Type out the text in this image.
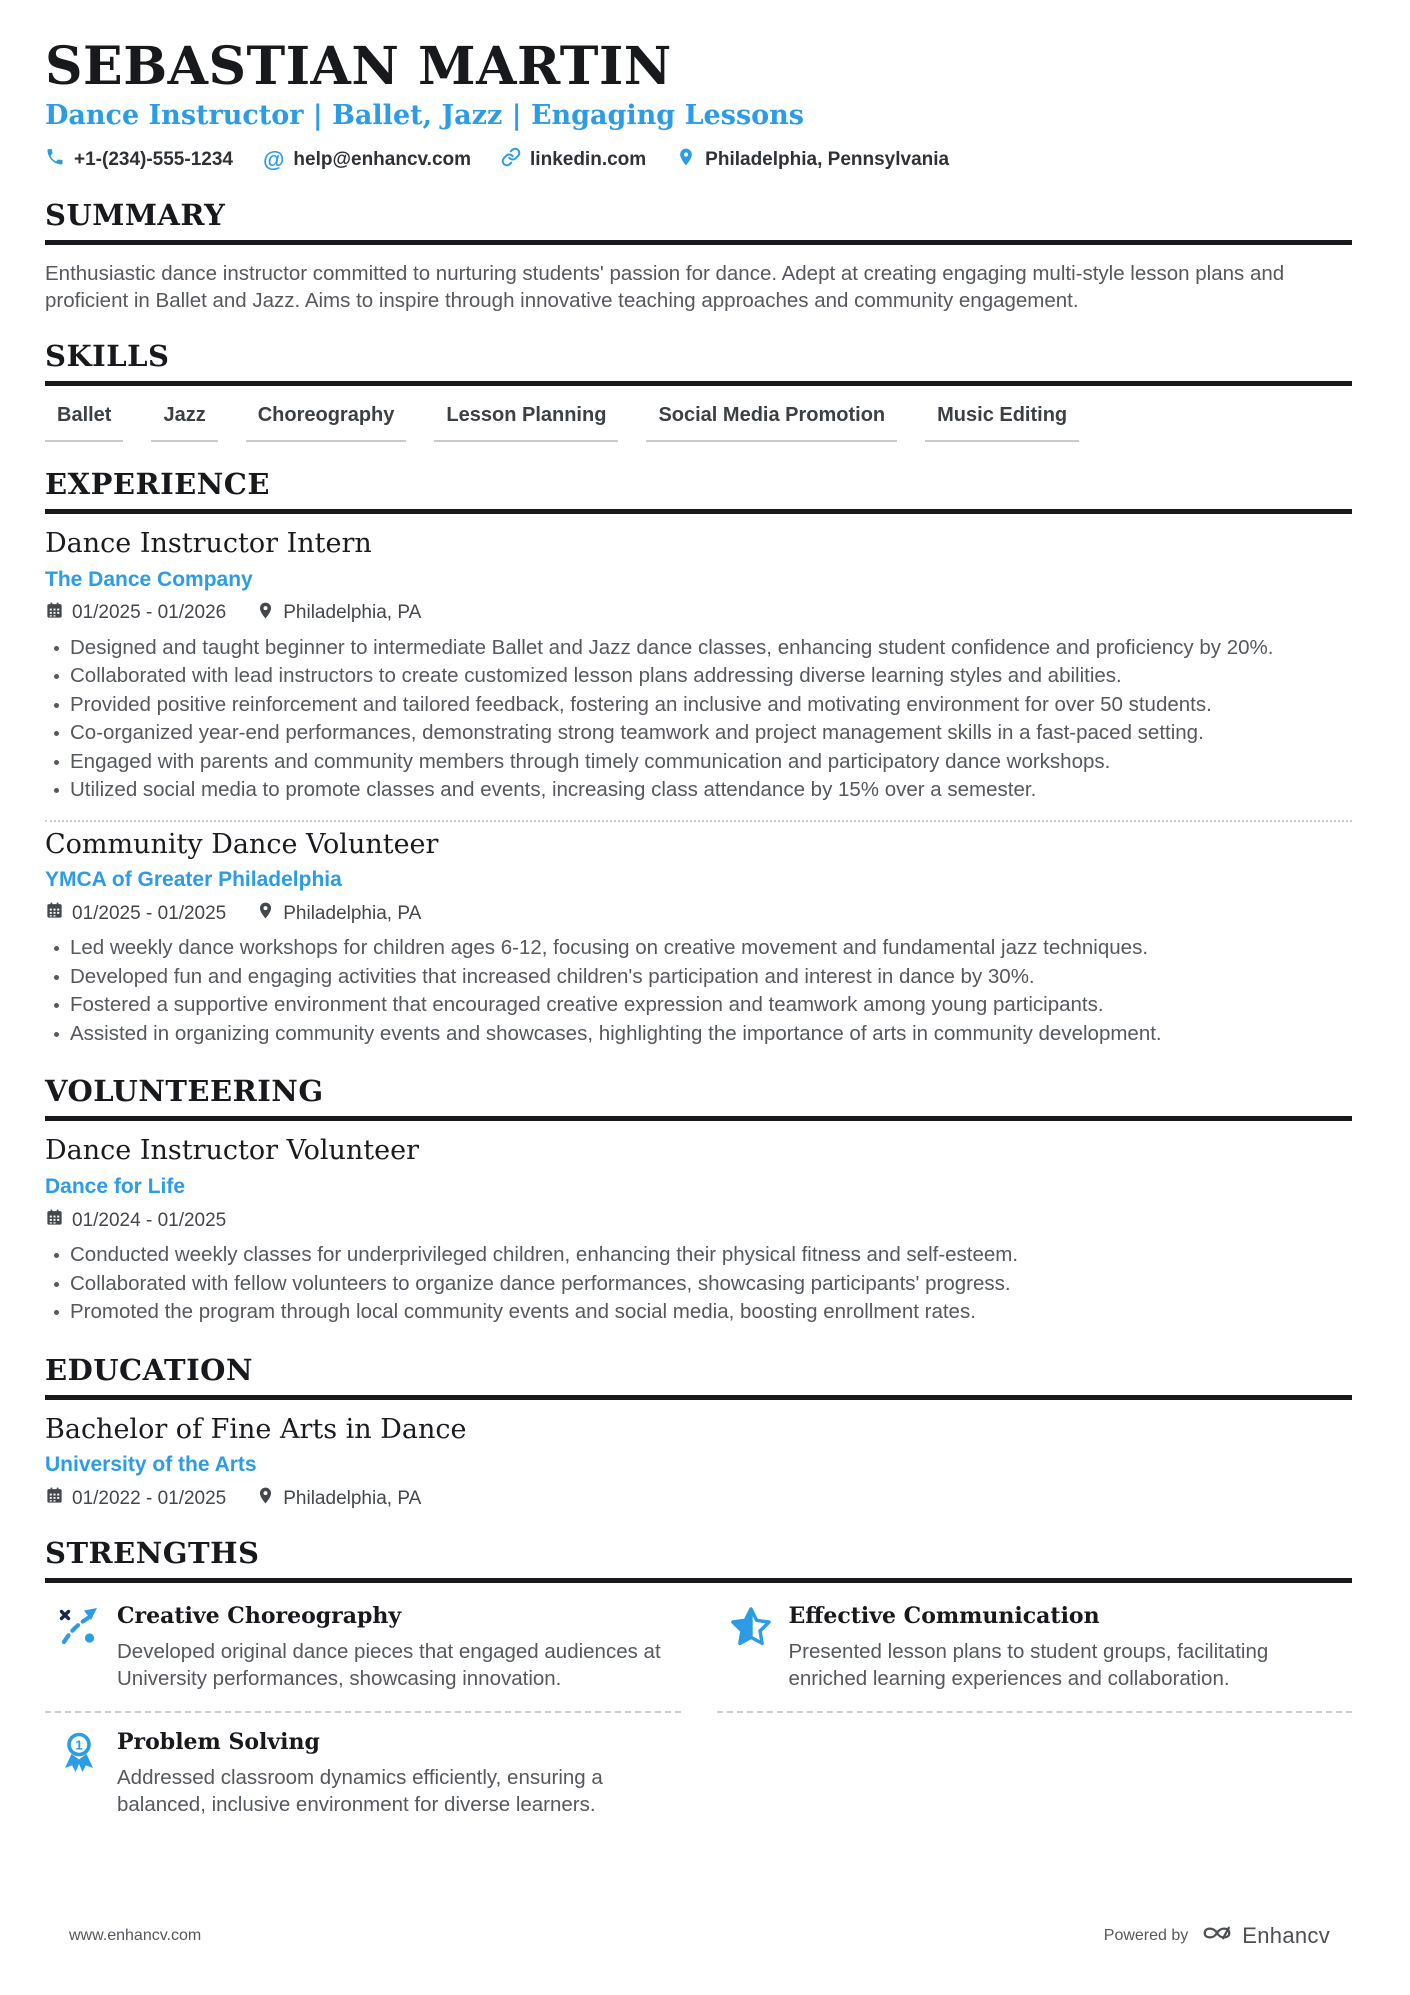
SEBASTIAN MARTIN
Dance Instructor | Ballet, Jazz | Engaging Lessons
+1-(234)-555-1234 @ help@enhancv.com	linkedin.com	Philadelphia, Pennsylvania
SUMMARY

Enthusiastic dance instructor committed to nurturing students' passion for dance. Adept at creating engaging multi-style lesson plans and proficient in Ballet and Jazz. Aims to inspire through innovative teaching approaches and community engagement.

SKILLS
Ballet	Jazz	Choreography	Lesson Planning	Social Media Promotion	Music Editing
EXPERIENCE
Dance Instructor Intern
The Dance Company
01/2025 - 01/2026	Philadelphia, PA
Designed and taught beginner to intermediate Ballet and Jazz dance classes, enhancing student confidence and proficiency by 20%.
Collaborated with lead instructors to create customized lesson plans addressing diverse learning styles and abilities.
Provided positive reinforcement and tailored feedback, fostering an inclusive and motivating environment for over 50 students.
Co-organized year-end performances, demonstrating strong teamwork and project management skills in a fast-paced setting.
Engaged with parents and community members through timely communication and participatory dance workshops.
Utilized social media to promote classes and events, increasing class attendance by 15% over a semester.
Community Dance Volunteer
YMCA of Greater Philadelphia
01/2025 - 01/2025	Philadelphia, PA
Led weekly dance workshops for children ages 6-12, focusing on creative movement and fundamental jazz techniques.
Developed fun and engaging activities that increased children's participation and interest in dance by 30%.
Fostered a supportive environment that encouraged creative expression and teamwork among young participants.
Assisted in organizing community events and showcases, highlighting the importance of arts in community development.
VOLUNTEERING
Dance Instructor Volunteer
Dance for Life
01/2024 - 01/2025
Conducted weekly classes for underprivileged children, enhancing their physical fitness and self-esteem.
Collaborated with fellow volunteers to organize dance performances, showcasing participants' progress.
Promoted the program through local community events and social media, boosting enrollment rates.
EDUCATION
Bachelor of Fine Arts in Dance
University of the Arts
01/2022 - 01/2025	Philadelphia, PA
STRENGTHS
Creative Choreography
Developed original dance pieces that engaged audiences at University performances, showcasing innovation.
Effective Communication
Presented lesson plans to student groups, facilitating enriched learning experiences and collaboration.
1 Problem Solving
Addressed classroom dynamics efficiently, ensuring a balanced, inclusive environment for diverse learners.
www.enhancv.com	Powered by Enhancv
